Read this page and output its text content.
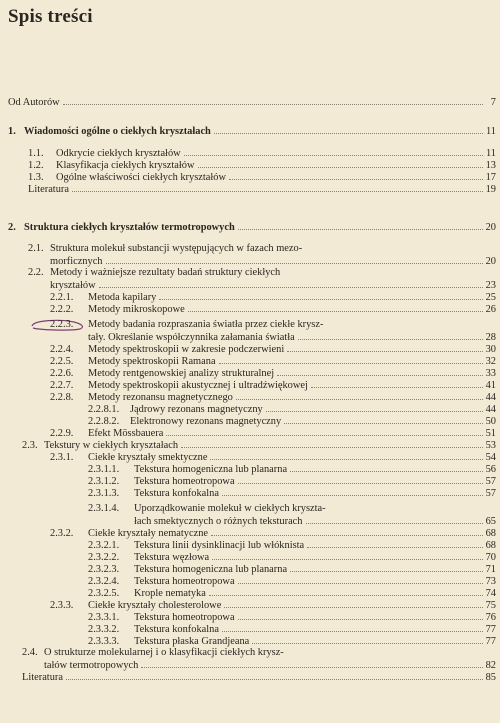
Spis treści
Od Autorów	7
1. Wiadomości ogólne o ciekłych kryształach	11
1.1.	Odkrycie ciekłych kryształów	11
1.2.	Klasyfikacja ciekłych kryształów	13
1.3.	Ogólne właściwości ciekłych kryształów	17
Literatura	19
2. Struktura ciekłych kryształów termotropowych	20
2.1. Struktura molekuł substancji występujących w fazach mezo-
morficznych	20
2.2. Metody i ważniejsze rezultaty badań struktury ciekłych
kryształów	23
2.2.1.	Metoda kapilary	25
2.2.2.	Metody mikroskopowe	26
2.2.3.	Metody badania rozpraszania światła przez ciekłe krysz-
tały. Określanie współczynnika załamania światła	28
2.2.4.	Metody spektroskopii w zakresie podczerwieni	30
2.2.5.	Metody spektroskopii Ramana	32
2.2.6.	Metody rentgenowskiej analizy strukturalnej	33
2.2.7.	Metody spektroskopii akustycznej i ultradźwiękowej	41
2.2.8.	Metody rezonansu magnetycznego	44
2.2.8.1.	Jądrowy rezonans magnetyczny	44
2.2.8.2.	Elektronowy rezonans magnetyczny	50
2.2.9.	Efekt Mössbauera	51
2.3. Tekstury w ciekłych kryształach	53
2.3.1.	Ciekłe kryształy smektyczne	54
2.3.1.1.	Tekstura homogeniczna lub planarna	56
2.3.1.2.	Tekstura homeotropowa	57
2.3.1.3.	Tekstura konfokalna	57
2.3.1.4.	Uporządkowanie molekuł w ciekłych kryszta-
łach smektycznych o różnych teksturach	65
2.3.2.	Ciekłe kryształy nematyczne	68
2.3.2.1.	Tekstura linii dysinklinacji lub włóknista	68
2.3.2.2.	Tekstura węzłowa	70
2.3.2.3.	Tekstura homogeniczna lub planarna	71
2.3.2.4.	Tekstura homeotropowa	73
2.3.2.5.	Krople nematyka	74
2.3.3.	Ciekłe kryształy cholesterolowe	75
2.3.3.1.	Tekstura homeotropowa	76
2.3.3.2.	Tekstura konfokalna	77
2.3.3.3.	Tekstura płaska Grandjeana	77
2.4. O strukturze molekularnej i o klasyfikacji ciekłych krysz-
tałów termotropowych	82
Literatura	85
